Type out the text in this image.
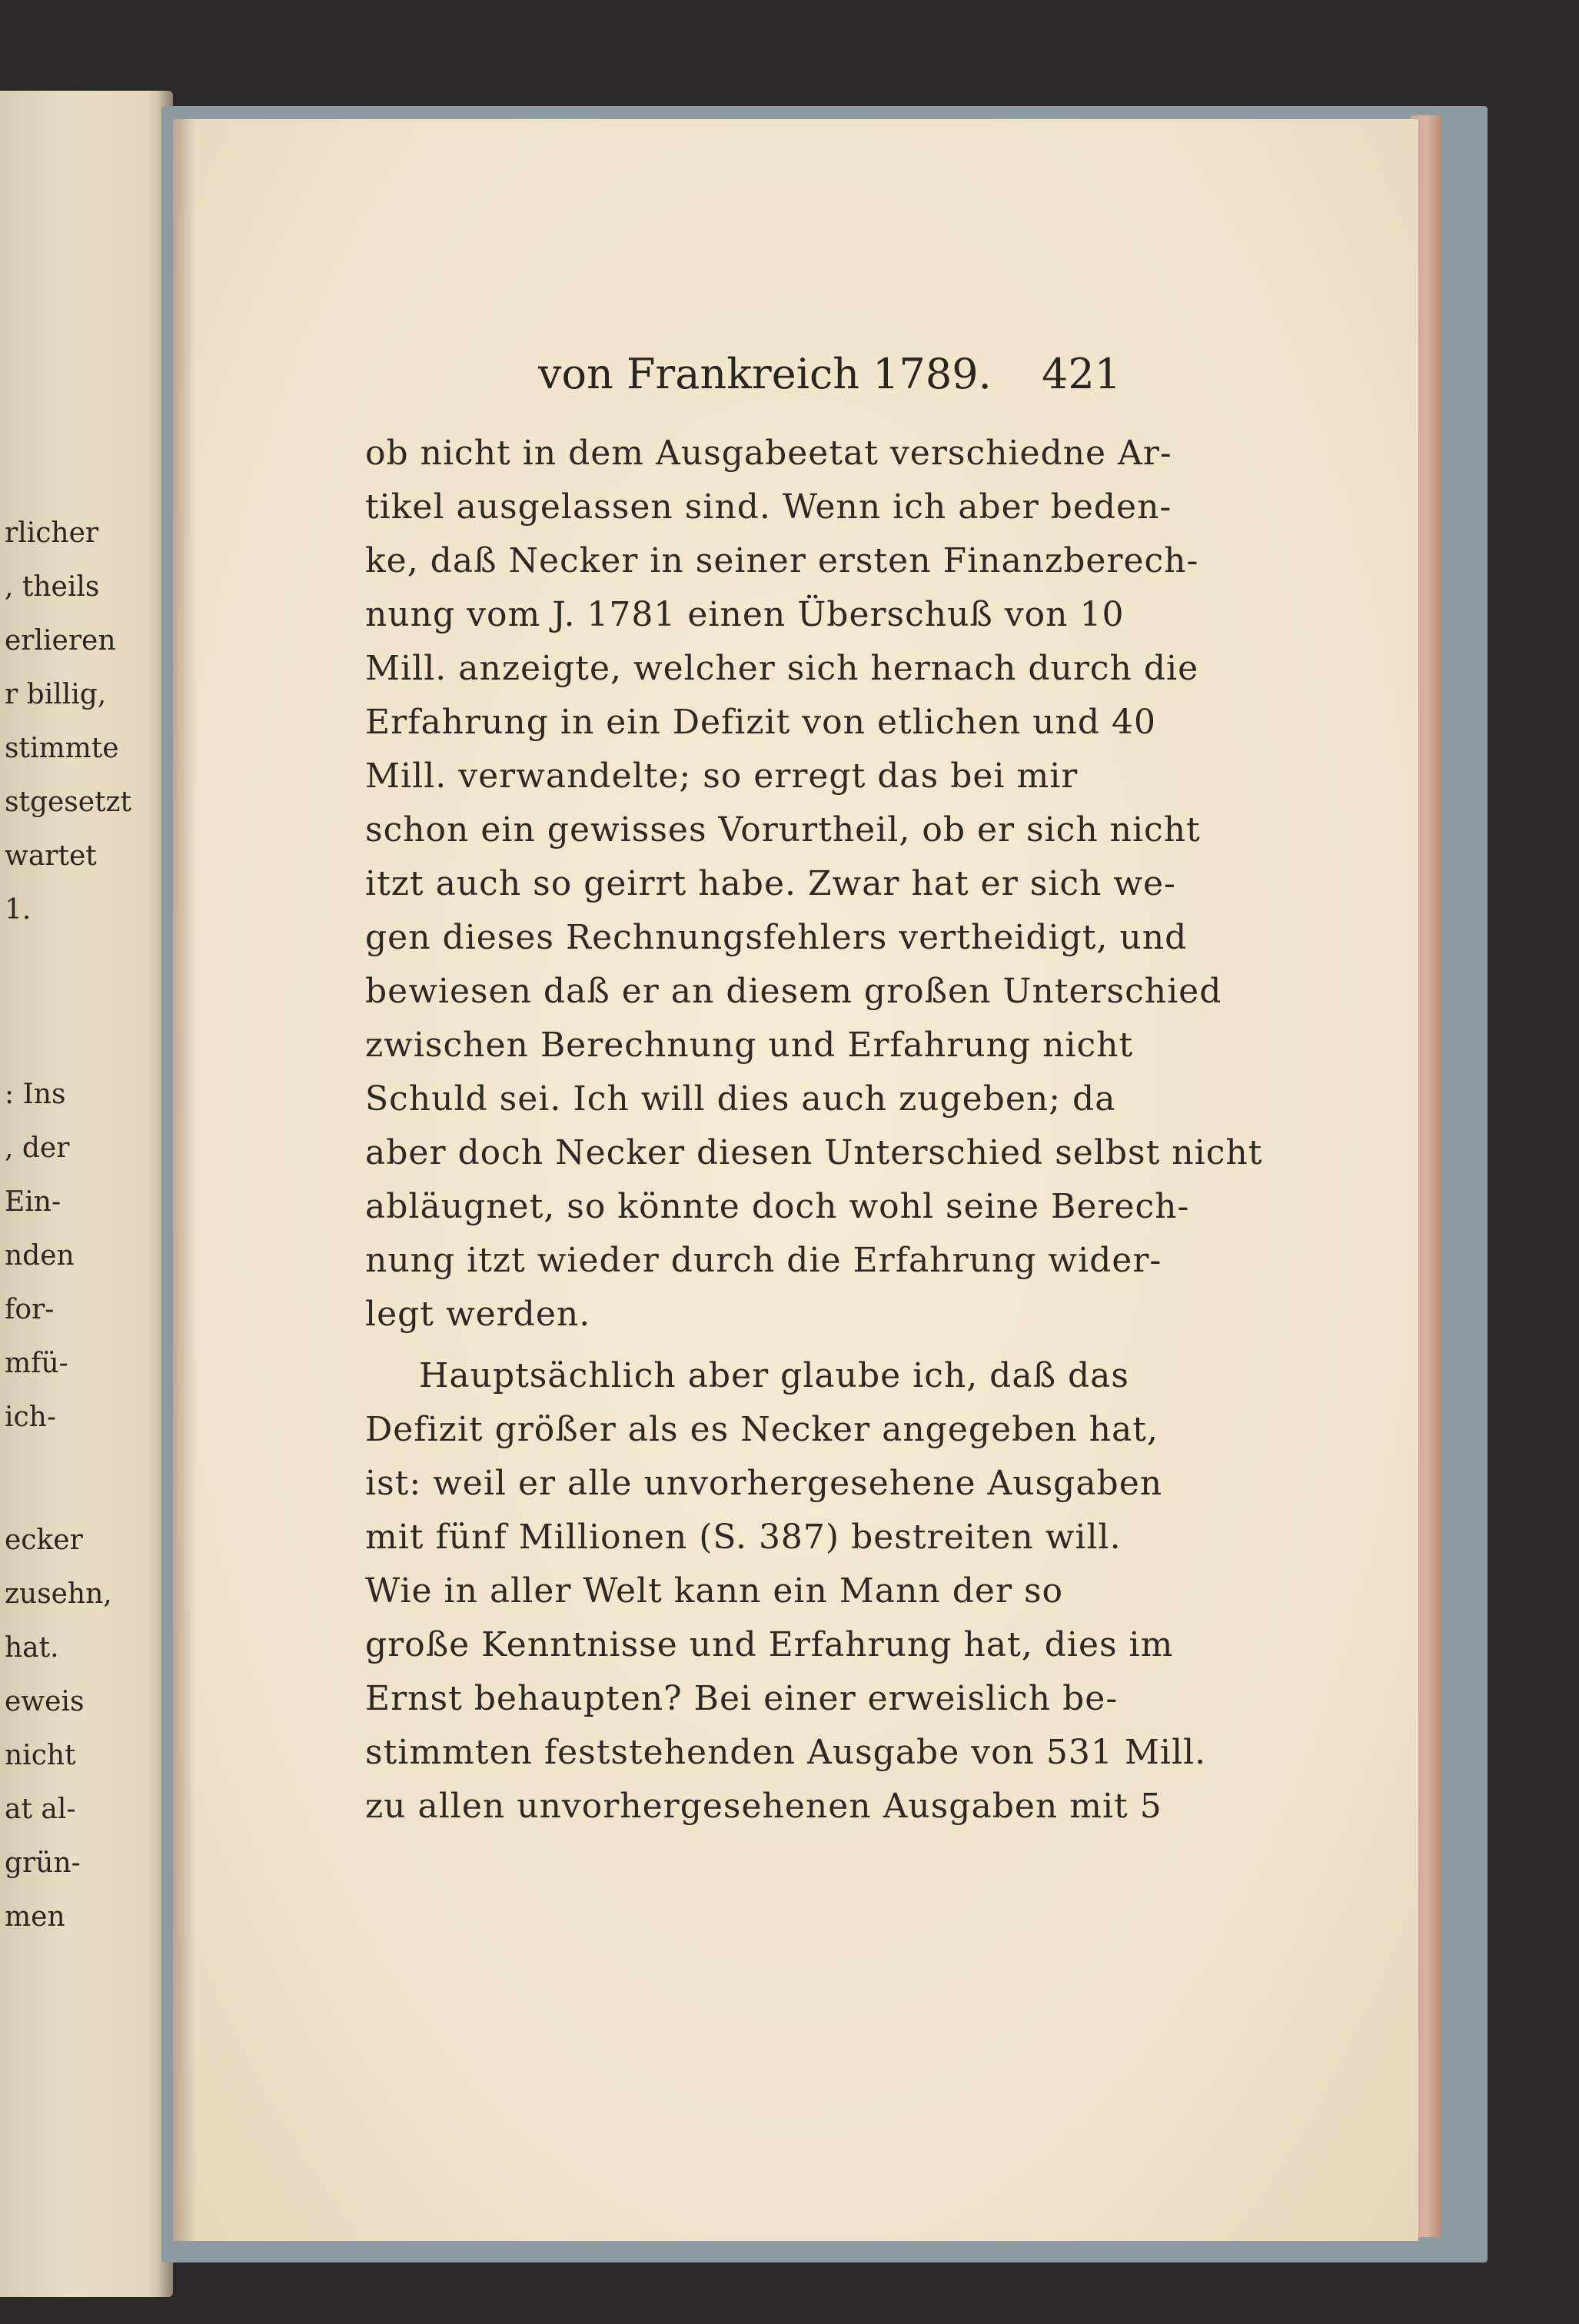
rlicher
, theils
erlieren
r billig,
stimmte
stgesetzt
wartet
1.
: Ins
, der
Ein-
nden
for-
mfü-
ich-
ecker
zusehn,
hat.
eweis
nicht
at al-
grün-
men
von Frankreich 1789. 421
ob nicht in dem Ausgabeetat verschiedne Ar-
tikel ausgelassen sind. Wenn ich aber beden-
ke, daß Necker in seiner ersten Finanzberech-
nung vom J. 1781 einen Überschuß von 10
Mill. anzeigte, welcher sich hernach durch die
Erfahrung in ein Defizit von etlichen und 40
Mill. verwandelte; so erregt das bei mir
schon ein gewisses Vorurtheil, ob er sich nicht
itzt auch so geirrt habe. Zwar hat er sich we-
gen dieses Rechnungsfehlers vertheidigt, und
bewiesen daß er an diesem großen Unterschied
zwischen Berechnung und Erfahrung nicht
Schuld sei. Ich will dies auch zugeben; da
aber doch Necker diesen Unterschied selbst nicht
abläugnet, so könnte doch wohl seine Berech-
nung itzt wieder durch die Erfahrung wider-
legt werden.
Hauptsächlich aber glaube ich, daß das
Defizit größer als es Necker angegeben hat,
ist: weil er alle unvorhergesehene Ausgaben
mit fünf Millionen (S. 387) bestreiten will.
Wie in aller Welt kann ein Mann der so
große Kenntnisse und Erfahrung hat, dies im
Ernst behaupten? Bei einer erweislich be-
stimmten feststehenden Ausgabe von 531 Mill.
zu allen unvorhergesehenen Ausgaben mit 5
